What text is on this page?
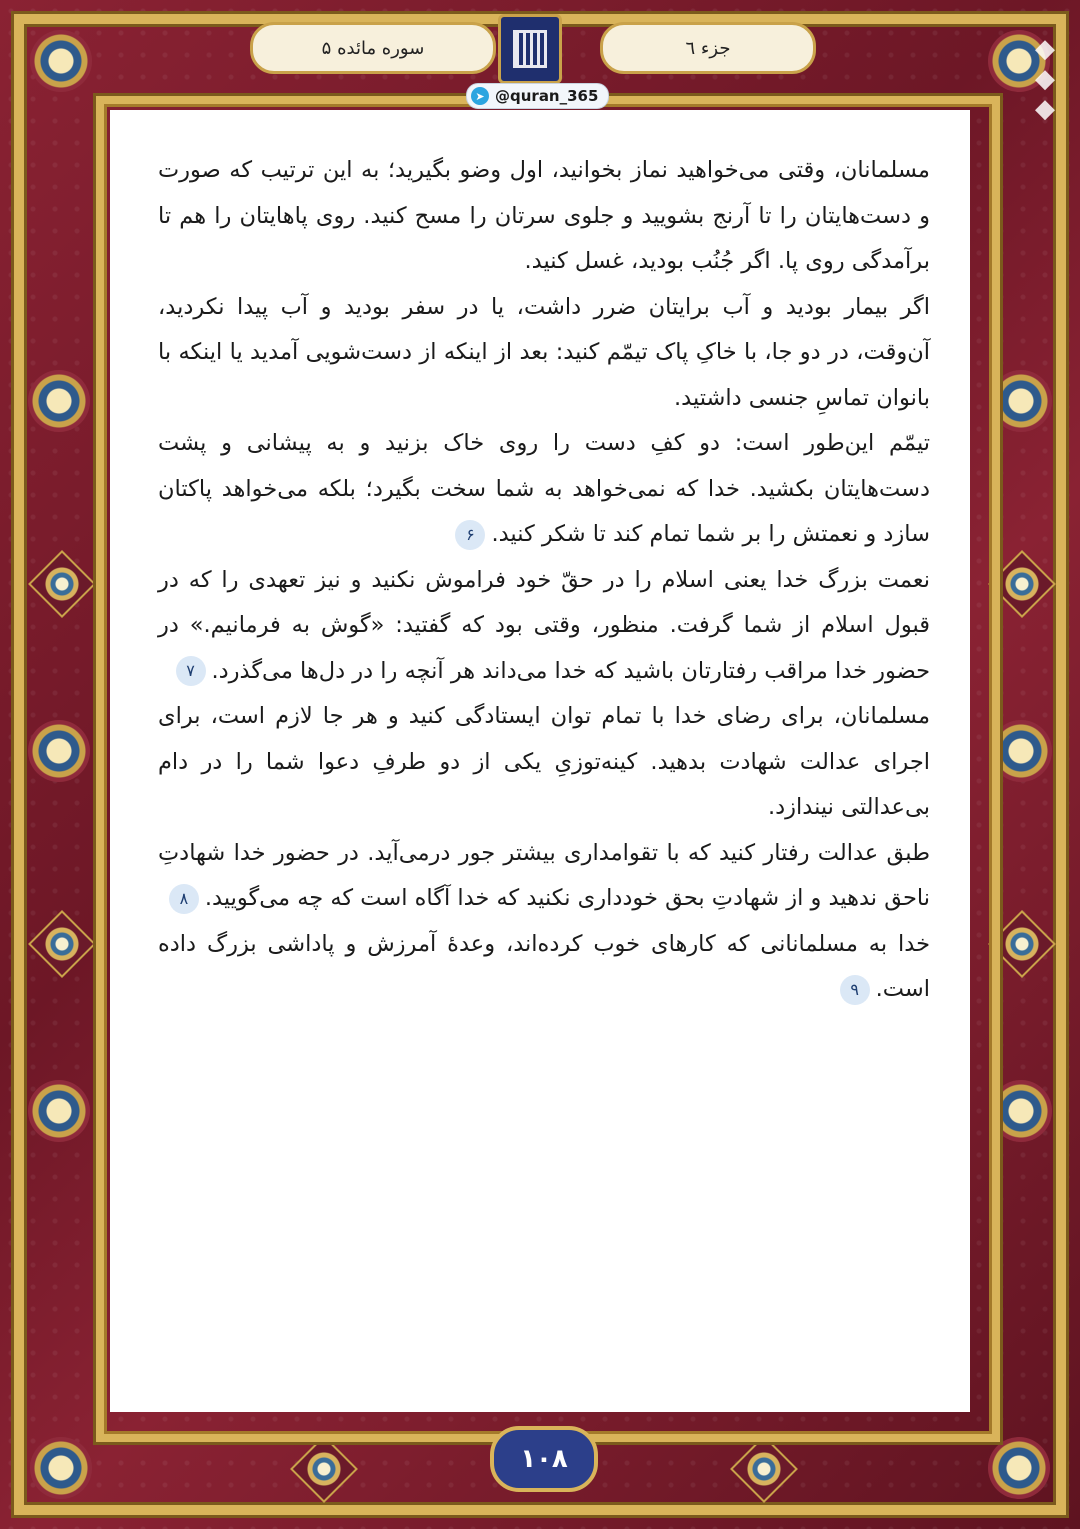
سوره مائده ۵	جزء ٦	◆◆◆
➤ @quran_365

مسلمانان، وقتی می‌خواهید نماز بخوانید، اول وضو بگیرید؛ به این ترتیب که صورت و دست‌هایتان را تا آرنج بشویید و جلوی سرتان را مسح کنید. روی پاهایتان را هم تا برآمدگی روی پا. اگر جُنُب بودید، غسل کنید.

اگر بیمار بودید و آب برایتان ضرر داشت، یا در سفر بودید و آب پیدا نکردید، آن‌وقت، در دو جا، با خاکِ پاک تیمّم کنید: بعد از اینکه از دست‌شویی آمدید یا اینکه با بانوان تماسِ جنسی داشتید.

تیمّم این‌طور است: دو کفِ دست را روی خاک بزنید و به پیشانی و پشت دست‌هایتان بکشید. خدا که نمی‌خواهد به شما سخت بگیرد؛ بلکه می‌خواهد پاکتان سازد و نعمتش را بر شما تمام کند تا شکر کنید.۶

نعمت بزرگ خدا یعنی اسلام را در حقّ خود فراموش نکنید و نیز تعهدی را که در قبول اسلام از شما گرفت. منظور، وقتی بود که گفتید: «گوش به فرمانیم.» در حضور خدا مراقب رفتارتان باشید که خدا می‌داند هر آنچه را در دل‌ها می‌گذرد.۷

مسلمانان، برای رضای خدا با تمام توان ایستادگی کنید و هر جا لازم است، برای اجرای عدالت شهادت بدهید. کینه‌توزیِ یکی از دو طرفِ دعوا شما را در دام بی‌عدالتی نیندازد.

طبق عدالت رفتار کنید که با تقوامداری بیشتر جور درمی‌آید. در حضور خدا شهادتِ ناحق ندهید و از شهادتِ بحق خودداری نکنید که خدا آگاه است که چه می‌گویید.۸

خدا به مسلمانانی که کارهای خوب کرده‌اند، وعدهٔ آمرزش و پاداشی بزرگ داده است.۹

۱۰۸
